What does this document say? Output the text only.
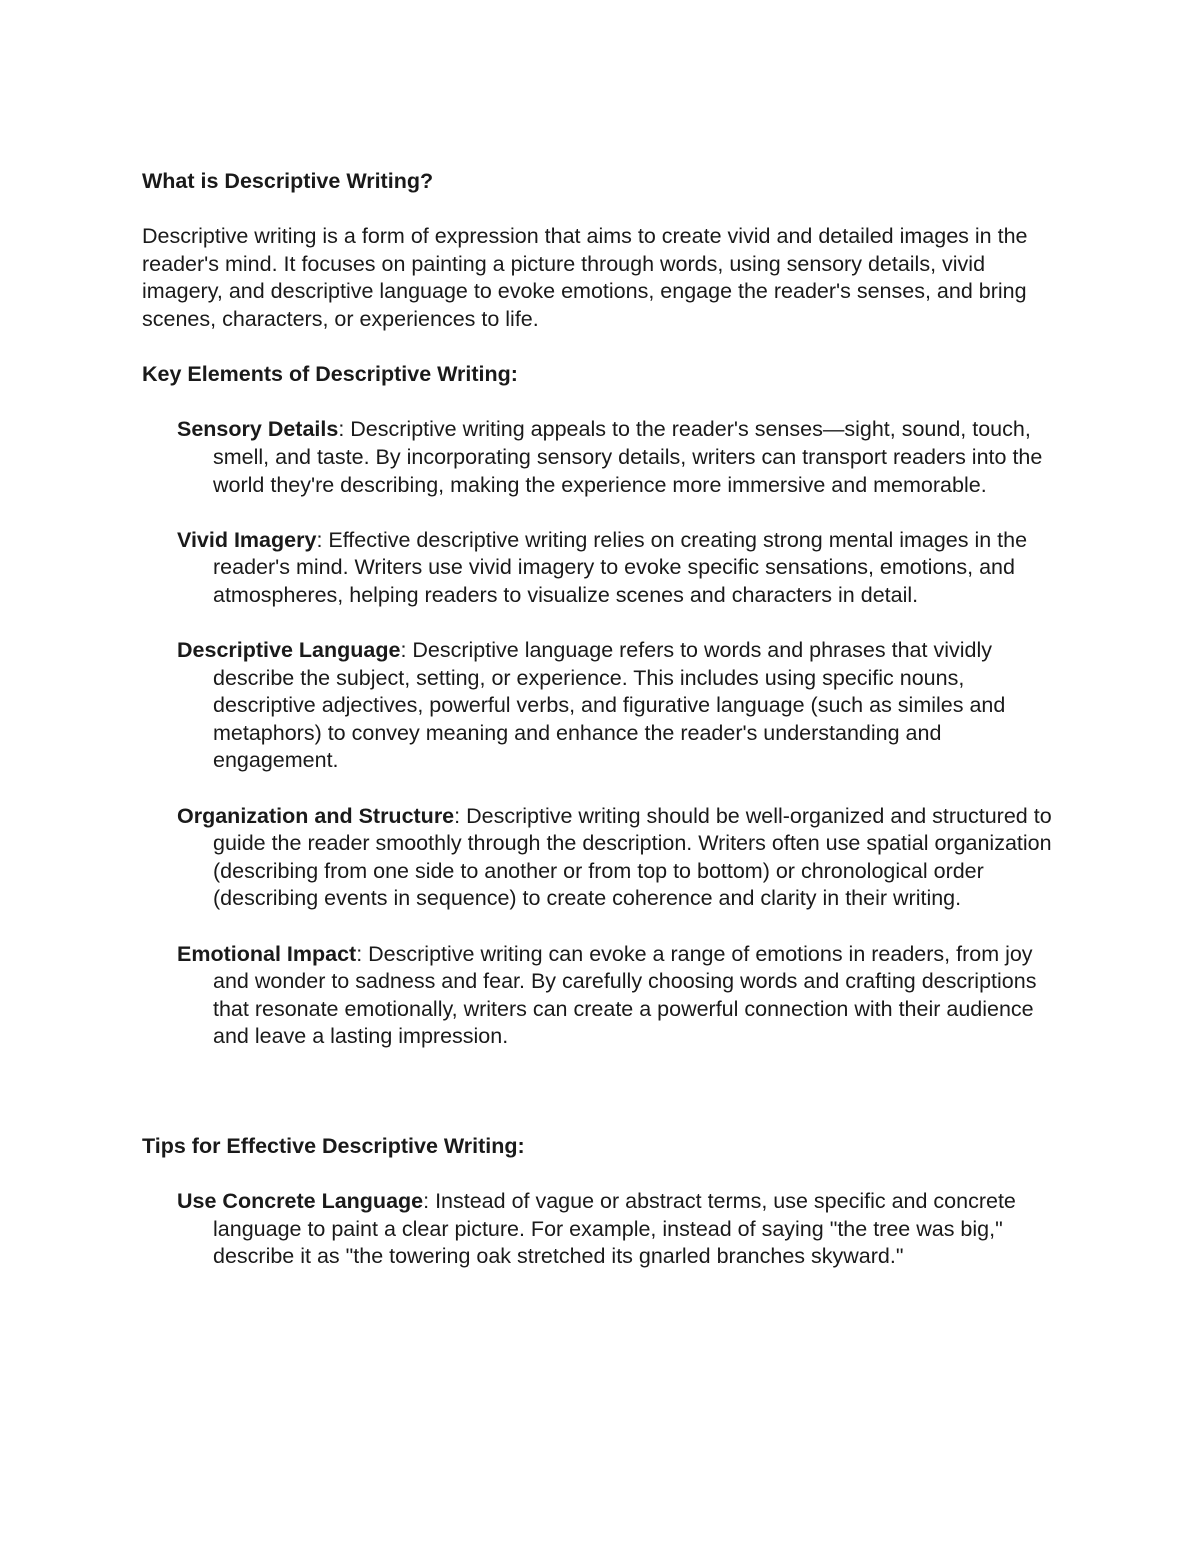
What is Descriptive Writing?

Descriptive writing is a form of expression that aims to create vivid and detailed images in the reader's mind. It focuses on painting a picture through words, using sensory details, vivid imagery, and descriptive language to evoke emotions, engage the reader's senses, and bring scenes, characters, or experiences to life.

Key Elements of Descriptive Writing:

Sensory Details: Descriptive writing appeals to the reader's senses—sight, sound, touch, smell, and taste. By incorporating sensory details, writers can transport readers into the world they're describing, making the experience more immersive and memorable.

Vivid Imagery: Effective descriptive writing relies on creating strong mental images in the reader's mind. Writers use vivid imagery to evoke specific sensations, emotions, and atmospheres, helping readers to visualize scenes and characters in detail.

Descriptive Language: Descriptive language refers to words and phrases that vividly describe the subject, setting, or experience. This includes using specific nouns, descriptive adjectives, powerful verbs, and figurative language (such as similes and metaphors) to convey meaning and enhance the reader's understanding and engagement.

Organization and Structure: Descriptive writing should be well-organized and structured to guide the reader smoothly through the description. Writers often use spatial organization (describing from one side to another or from top to bottom) or chronological order (describing events in sequence) to create coherence and clarity in their writing.

Emotional Impact: Descriptive writing can evoke a range of emotions in readers, from joy and wonder to sadness and fear. By carefully choosing words and crafting descriptions that resonate emotionally, writers can create a powerful connection with their audience and leave a lasting impression.

Tips for Effective Descriptive Writing:

Use Concrete Language: Instead of vague or abstract terms, use specific and concrete language to paint a clear picture. For example, instead of saying "the tree was big," describe it as "the towering oak stretched its gnarled branches skyward."
